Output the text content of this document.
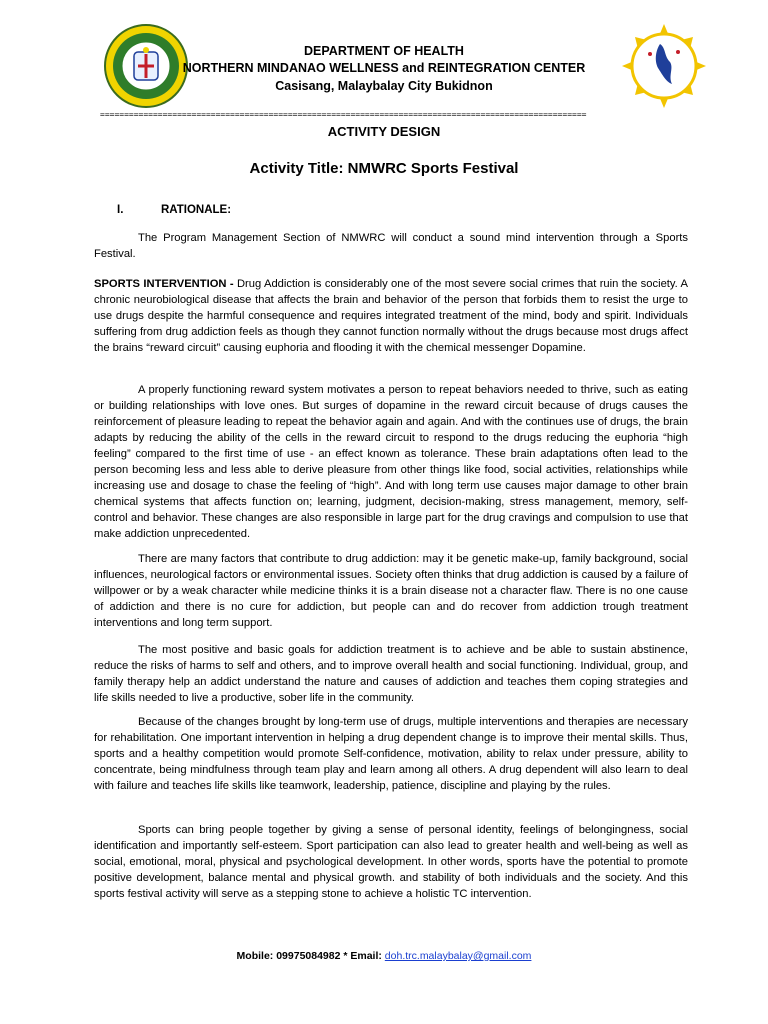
DEPARTMENT OF HEALTH
NORTHERN MINDANAO WELLNESS and REINTEGRATION CENTER
Casisang, Malaybalay City Bukidnon
=====================================================================================================
ACTIVITY DESIGN
Activity Title: NMWRC Sports Festival
I.	RATIONALE:
The Program Management Section of NMWRC will conduct a sound mind intervention through a Sports Festival.
SPORTS INTERVENTION - Drug Addiction is considerably one of the most severe social crimes that ruin the society. A chronic neurobiological disease that affects the brain and behavior of the person that forbids them to resist the urge to use drugs despite the harmful consequence and requires integrated treatment of the mind, body and spirit. Individuals suffering from drug addiction feels as though they cannot function normally without the drugs because most drugs affect the brains “reward circuit” causing euphoria and flooding it with the chemical messenger Dopamine.
A properly functioning reward system motivates a person to repeat behaviors needed to thrive, such as eating or building relationships with love ones. But surges of dopamine in the reward circuit because of drugs causes the reinforcement of pleasure leading to repeat the behavior again and again. And with the continues use of drugs, the brain adapts by reducing the ability of the cells in the reward circuit to respond to the drugs reducing the euphoria “high feeling” compared to the first time of use - an effect known as tolerance. These brain adaptations often lead to the person becoming less and less able to derive pleasure from other things like food, social activities, relationships while increasing use and dosage to chase the feeling of “high”. And with long term use causes major damage to other brain chemical systems that affects function on; learning, judgment, decision-making, stress management, memory, self-control and behavior. These changes are also responsible in large part for the drug cravings and compulsion to use that make addiction unprecedented.
There are many factors that contribute to drug addiction: may it be genetic make-up, family background, social influences, neurological factors or environmental issues. Society often thinks that drug addiction is caused by a failure of willpower or by a weak character while medicine thinks it is a brain disease not a character flaw. There is no one cause of addiction and there is no cure for addiction, but people can and do recover from addiction trough treatment interventions and long term support.
The most positive and basic goals for addiction treatment is to achieve and be able to sustain abstinence, reduce the risks of harms to self and others, and to improve overall health and social functioning. Individual, group, and family therapy help an addict understand the nature and causes of addiction and teaches them coping strategies and life skills needed to live a productive, sober life in the community.
Because of the changes brought by long-term use of drugs, multiple interventions and therapies are necessary for rehabilitation. One important intervention in helping a drug dependent change is to improve their mental skills. Thus, sports and a healthy competition would promote Self-confidence, motivation, ability to relax under pressure, ability to concentrate, being mindfulness through team play and learn among all others. A drug dependent will also learn to deal with failure and teaches life skills like teamwork, leadership, patience, discipline and playing by the rules.
Sports can bring people together by giving a sense of personal identity, feelings of belongingness, social identification and importantly self-esteem. Sport participation can also lead to greater health and well-being as well as social, emotional, moral, physical and psychological development. In other words, sports have the potential to promote positive development, balance mental and physical growth. and stability of both individuals and the society. And this sports festival activity will serve as a stepping stone to achieve a holistic TC intervention.
Mobile: 09975084982 * Email: doh.trc.malaybalay@gmail.com
